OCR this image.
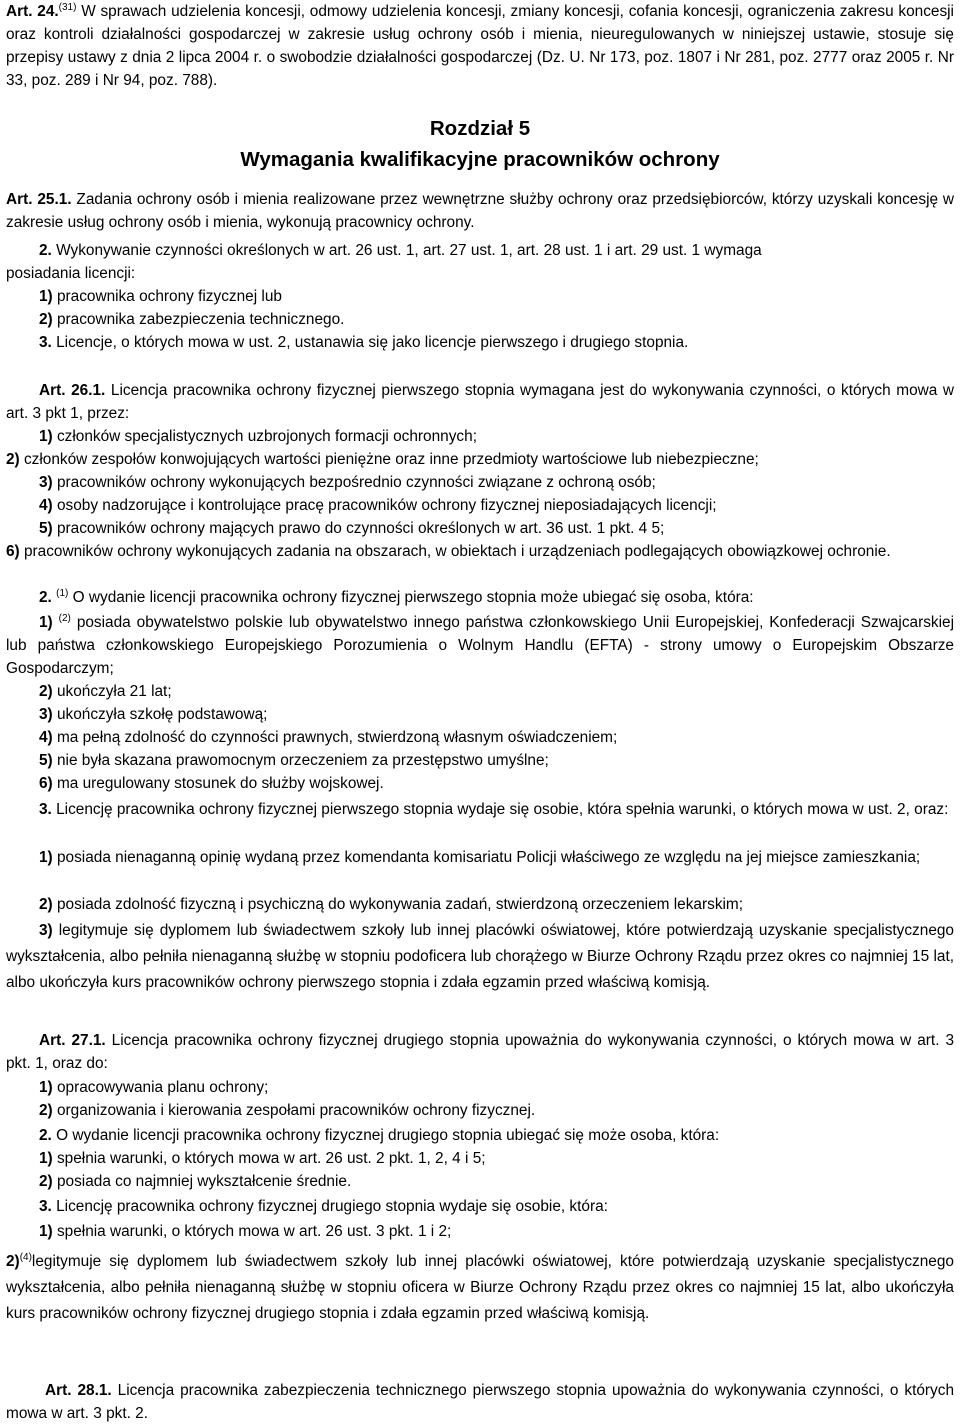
Art. 24.$^{(31)}$ W sprawach udzielenia koncesji, odmowy udzielenia koncesji, zmiany koncesji, cofania koncesji, ograniczenia zakresu koncesji oraz kontroli działalności gospodarczej w zakresie usług ochrony osób i mienia, nieuregulowanych w niniejszej ustawie, stosuje się przepisy ustawy z dnia 2 lipca 2004 r. o swobodzie działalności gospodarczej (Dz. U. Nr 173, poz. 1807 i Nr 281, poz. 2777 oraz 2005 r. Nr 33, poz. 289 i Nr 94, poz. 788).

Rozdział 5

Wymagania kwalifikacyjne pracowników ochrony

Art. 25.1. Zadania ochrony osób i mienia realizowane przez wewnętrzne służby ochrony oraz przedsiębiorców, którzy uzyskali koncesję w zakresie usług ochrony osób i mienia, wykonują pracownicy ochrony.

2. Wykonywanie czynności określonych w art. 26 ust. 1, art. 27 ust. 1, art. 28 ust. 1 i art. 29 ust. 1 wymaga

posiadania licencji:

1) pracownika ochrony fizycznej lub

2) pracownika zabezpieczenia technicznego.

3. Licencje, o których mowa w ust. 2, ustanawia się jako licencje pierwszego i drugiego stopnia.

Art. 26.1. Licencja pracownika ochrony fizycznej pierwszego stopnia wymagana jest do wykonywania czynności, o których mowa w art. 3 pkt 1, przez:

1) członków specjalistycznych uzbrojonych formacji ochronnych;

2) członków zespołów konwojujących wartości pieniężne oraz inne przedmioty wartościowe lub niebezpieczne;

3) pracowników ochrony wykonujących bezpośrednio czynności związane z ochroną osób;

4) osoby nadzorujące i kontrolujące pracę pracowników ochrony fizycznej nieposiadających licencji;

5) pracowników ochrony mających prawo do czynności określonych w art. 36 ust. 1 pkt. 4 5;

6) pracowników ochrony wykonujących zadania na obszarach, w obiektach i urządzeniach podlegających obowiązkowej ochronie.

2. $^{(1)}$ O wydanie licencji pracownika ochrony fizycznej pierwszego stopnia może ubiegać się osoba, która:

1) $^{(2)}$ posiada obywatelstwo polskie lub obywatelstwo innego państwa członkowskiego Unii Europejskiej, Konfederacji Szwajcarskiej lub państwa członkowskiego Europejskiego Porozumienia o Wolnym Handlu (EFTA) - strony umowy o Europejskim Obszarze Gospodarczym;

2) ukończyła 21 lat;

3) ukończyła szkołę podstawową;

4) ma pełną zdolność do czynności prawnych, stwierdzoną własnym oświadczeniem;

5) nie była skazana prawomocnym orzeczeniem za przestępstwo umyślne;

6) ma uregulowany stosunek do służby wojskowej.

3. Licencję pracownika ochrony fizycznej pierwszego stopnia wydaje się osobie, która spełnia warunki, o których mowa w ust. 2, oraz:

1) posiada nienaganną opinię wydaną przez komendanta komisariatu Policji właściwego ze względu na jej miejsce zamieszkania;

2) posiada zdolność fizyczną i psychiczną do wykonywania zadań, stwierdzoną orzeczeniem lekarskim;

3) legitymuje się dyplomem lub świadectwem szkoły lub innej placówki oświatowej, które potwierdzają uzyskanie specjalistycznego wykształcenia, albo pełniła nienaganną służbę w stopniu podoficera lub chorążego w Biurze Ochrony Rządu przez okres co najmniej 15 lat, albo ukończyła kurs pracowników ochrony pierwszego stopnia i zdała egzamin przed właściwą komisją.

Art. 27.1. Licencja pracownika ochrony fizycznej drugiego stopnia upoważnia do wykonywania czynności, o których mowa w art. 3 pkt. 1, oraz do:

1) opracowywania planu ochrony;

2) organizowania i kierowania zespołami pracowników ochrony fizycznej.

2. O wydanie licencji pracownika ochrony fizycznej drugiego stopnia ubiegać się może osoba, która:

1) spełnia warunki, o których mowa w art. 26 ust. 2 pkt. 1, 2, 4 i 5;

2) posiada co najmniej wykształcenie średnie.

3. Licencję pracownika ochrony fizycznej drugiego stopnia wydaje się osobie, która:

1) spełnia warunki, o których mowa w art. 26 ust. 3 pkt. 1 i 2;

2)$^{(4)}$legitymuje się dyplomem lub świadectwem szkoły lub innej placówki oświatowej, które potwierdzają uzyskanie specjalistycznego wykształcenia, albo pełniła nienaganną służbę w stopniu oficera w Biurze Ochrony Rządu przez okres co najmniej 15 lat, albo ukończyła kurs pracowników ochrony fizycznej drugiego stopnia i zdała egzamin przed właściwą komisją.

Art. 28.1. Licencja pracownika zabezpieczenia technicznego pierwszego stopnia upoważnia do wykonywania czynności, o których mowa w art. 3 pkt. 2.
